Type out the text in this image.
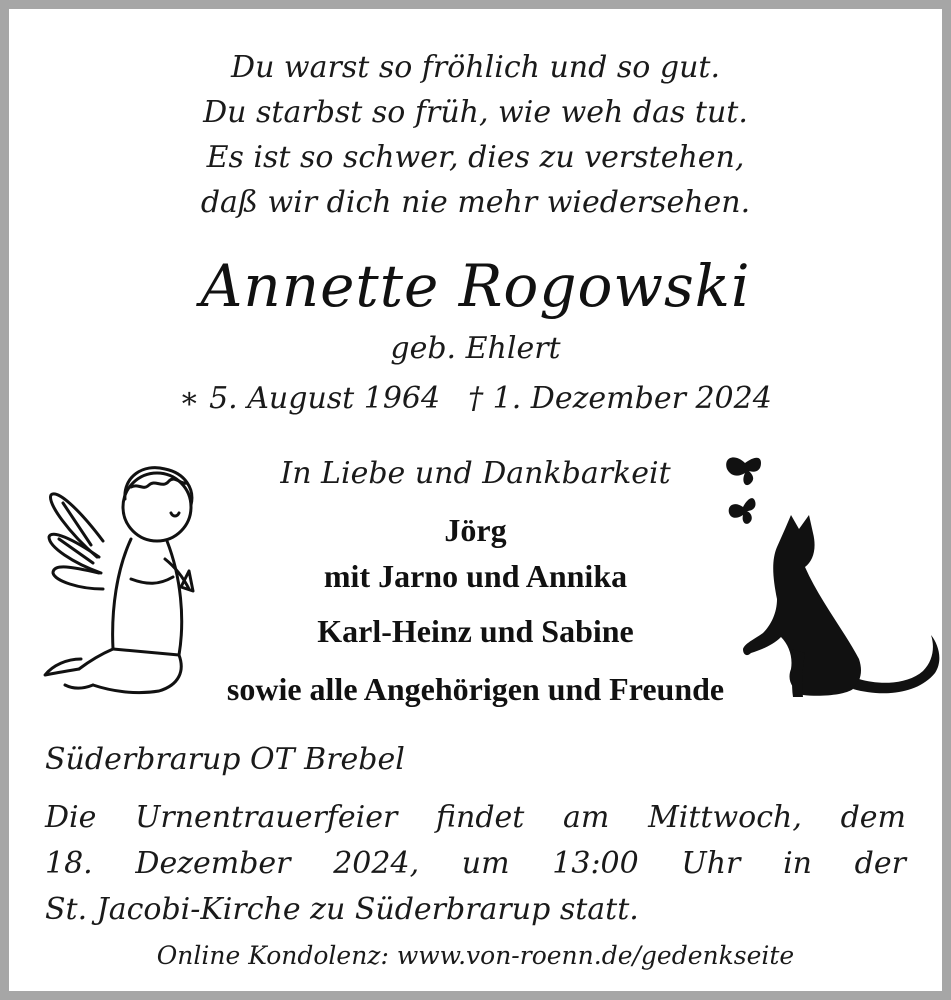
Du warst so fröhlich und so gut.
Du starbst so früh, wie weh das tut.
Es ist so schwer, dies zu verstehen,
daß wir dich nie mehr wiedersehen.
Annette Rogowski
geb. Ehlert
∗ 5. August 1964 † 1. Dezember 2024
In Liebe und Dankbarkeit
Jörg
mit Jarno und Annika
Karl-Heinz und Sabine
sowie alle Angehörigen und Freunde
Süderbrarup OT Brebel
Die Urnentrauerfeier findet am Mittwoch, dem
18. Dezember 2024, um 13:00 Uhr in der
St. Jacobi-Kirche zu Süderbrarup statt.
Online Kondolenz: www.von-roenn.de/gedenkseite
